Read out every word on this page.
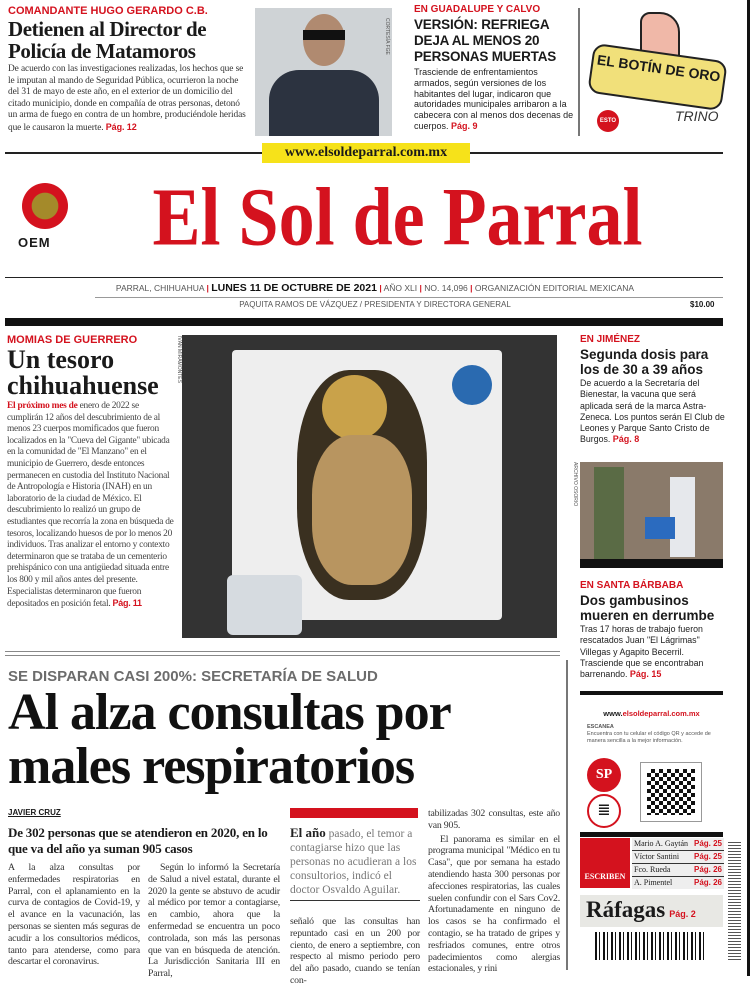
COMANDANTE HUGO GERARDO C.B.
Detienen al Director de Policía de Matamoros
De acuerdo con las investigaciones realizadas, los hechos que se le imputan al mando de Seguridad Pública, ocurrieron la noche del 31 de mayo de este año, en el exterior de un domicilio del citado municipio, donde en compañía de otras personas, detonó un arma de fuego en contra de un hombre, produciéndole heridas que le causaron la muerte. Pág. 12
CORTESÍA FGE
EN GUADALUPE Y CALVO
VERSIÓN: REFRIEGA DEJA AL MENOS 20 PERSONAS MUERTAS
Trasciende de enfrentamientos armados, según versiones de los habitantes del lugar, indicaron que autoridades municipales arribaron a la cabecera con al menos dos decenas de cuerpos. Pág. 9
EL BOTÍN DE ORO
ESTO	TRINO
www.elsoldeparral.com.mx
OEM	El Sol de Parral
PARRAL, CHIHUAHUA | LUNES 11 DE OCTUBRE DE 2021 | AÑO XLI | NO. 14,096 | ORGANIZACIÓN EDITORIAL MEXICANA
PAQUITA RAMOS DE VÁZQUEZ / PRESIDENTA Y DIRECTORA GENERAL	$10.00
MOMIAS DE GUERRERO
Un tesoro chihuahuense
El próximo mes de enero de 2022 se cumplirán 12 años del descubrimiento de al menos 23 cuerpos momificados que fueron localizados en la "Cueva del Gigante" ubicada en la comunidad de "El Manzano" en el municipio de Guerrero, desde entonces permanecen en custodia del Instituto Nacional de Antropología e Historia (INAH) en un laboratorio de la ciudad de México. El descubrimiento lo realizó un grupo de estudiantes que recorría la zona en búsqueda de tesoros, localizando huesos de por lo menos 20 individuos. Tras analizar el entorno y contexto determinaron que se trataba de un cementerio prehispánico con una antigüedad situada entre los 800 y mil años antes del presente. Especialistas determinaron que fueron depositados en posición fetal. Pág. 11
IVÁN MIRAMONTES	EN JIMÉNEZ
Segunda dosis para los de 30 a 39 años
De acuerdo a la Secretaría del Bienestar, la vacuna que será aplicada será de la marca Astra-Zeneca. Los puntos serán El Club de Leones y Parque Santo Cristo de Burgos. Pág. 8
ARCHIVO OSORIO
EN SANTA BÁRBABA
Dos gambusinos mueren en derrumbe
Tras 17 horas de trabajo fueron rescatados Juan "El Lágrimas" Villegas y Agapito Becerril. Trasciende que se encontraban barrenando. Pág. 15
SE DISPARAN CASI 200%: SECRETARÍA DE SALUD
Al alza consultas por males respiratorios
JAVIER CRUZ
De 302 personas que se atendieron en 2020, en lo que va del año ya suman 905 casos
A la alza consultas por enfermedades respiratorias en Parral, con el aplanamiento en la curva de contagios de Covid-19, y el avance en la vacunación, las personas se sienten más seguras de acudir a los consultorios médicos, tanto para atenderse, como para descartar el coronavirus.
Según lo informó la Secretaría de Salud a nivel estatal, durante el 2020 la gente se abstuvo de acudir al médico por temor a contagiarse, en cambio, ahora que la enfermedad se encuentra un poco controlada, son más las personas que van en búsqueda de atención. La Jurisdicción Sanitaria III en Parral,
El año pasado, el temor a contagiarse hizo que las personas no acudieran a los consultorios, indicó el doctor Osvaldo Aguilar.
señaló que las consultas han repuntado casi en un 200 por ciento, de enero a septiembre, con respecto al mismo periodo pero del año pasado, cuando se tenían con-
tabilizadas 302 consultas, este año van 905.
El panorama es similar en el programa municipal "Médico en tu Casa", que por semana ha estado atendiendo hasta 300 personas por afecciones respiratorias, las cuales suelen confundir con el Sars Cov2. Afortunadamente en ninguno de los casos se ha confirmado el contagio, se ha tratado de gripes y resfriados comunes, entre otros padecimientos como alergias estacionales, y rini
www.elsoldeparral.com.mx
ESCANEA
Encuentra con tu celular el código QR y accede de manera sencilla a la mejor información.
SP
≣
ESCRIBEN
Mario A. Gaytán Pág. 25
Víctor Santini Pág. 25
Fco. Rueda	Pág. 26
A. Pimentel	Pág. 26
Ráfagas Pág. 2
